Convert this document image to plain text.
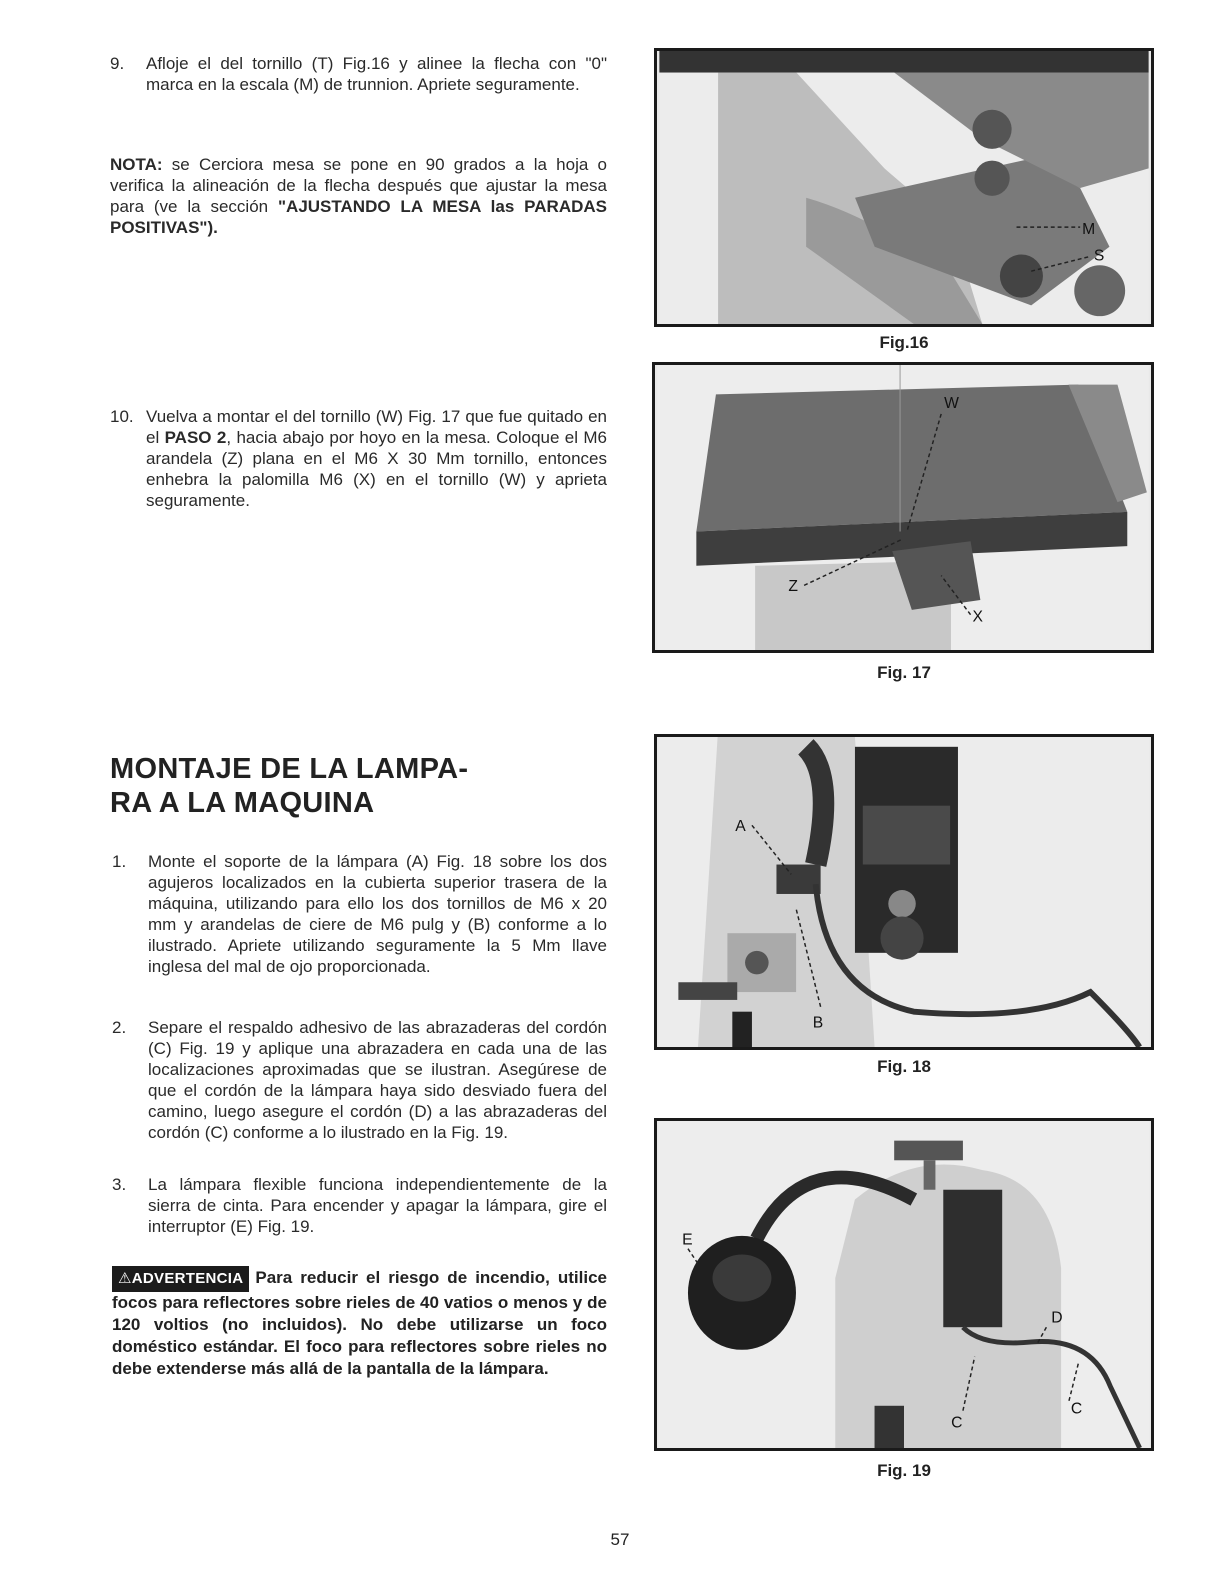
9. Afloje el del tornillo (T) Fig.16 y alinee la flecha con "0" marca en la escala (M) de trunnion. Apriete seguramente.
NOTA: se Cerciora mesa se pone en 90 grados a la hoja o verifica la alineación de la flecha después que ajustar la mesa para (ve la sección "AJUSTANDO LA MESA las PARADAS POSITIVAS").
10. Vuelva a montar el del tornillo (W) Fig. 17 que fue quitado en el PASO 2, hacia abajo por hoyo en la mesa. Coloque el M6 arandela (Z) plana en el M6 X 30 Mm tornillo, entonces enhebra la palomilla M6 (X) en el tornillo (W) y aprieta seguramente.
MONTAJE DE LA LAMPA-
RA A LA MAQUINA
1. Monte el soporte de la lámpara (A) Fig. 18 sobre los dos agujeros localizados en la cubierta superior trasera de la máquina, utilizando para ello los dos tornillos de M6 x 20 mm y arandelas de ciere de M6 pulg y (B) conforme a lo ilustrado. Apriete utilizando seguramente la 5 Mm llave inglesa del mal de ojo proporcionada.
2. Separe el respaldo adhesivo de las abrazaderas del cordón (C) Fig. 19 y aplique una abrazadera en cada una de las localizaciones aproximadas que se ilustran. Asegúrese de que el cordón de la lámpara haya sido desviado fuera del camino, luego asegure el cordón (D) a las abrazaderas del cordón (C) conforme a lo ilustrado en la Fig. 19.
3. La lámpara flexible funciona independientemente de la sierra de cinta. Para encender y apagar la lámpara, gire el interruptor (E) Fig. 19.
⚠ADVERTENCIA Para reducir el riesgo de incendio, utilice focos para reflectores sobre rieles de 40 vatios o menos y de 120 voltios (no incluidos). No debe utilizarse un foco doméstico estándar. El foco para reflectores sobre rieles no debe extenderse más allá de la pantalla de la lámpara.
M
S
Fig.16
W
Z
X
Fig. 17
A
B
Fig. 18
E
D
C
C
Fig. 19
57
